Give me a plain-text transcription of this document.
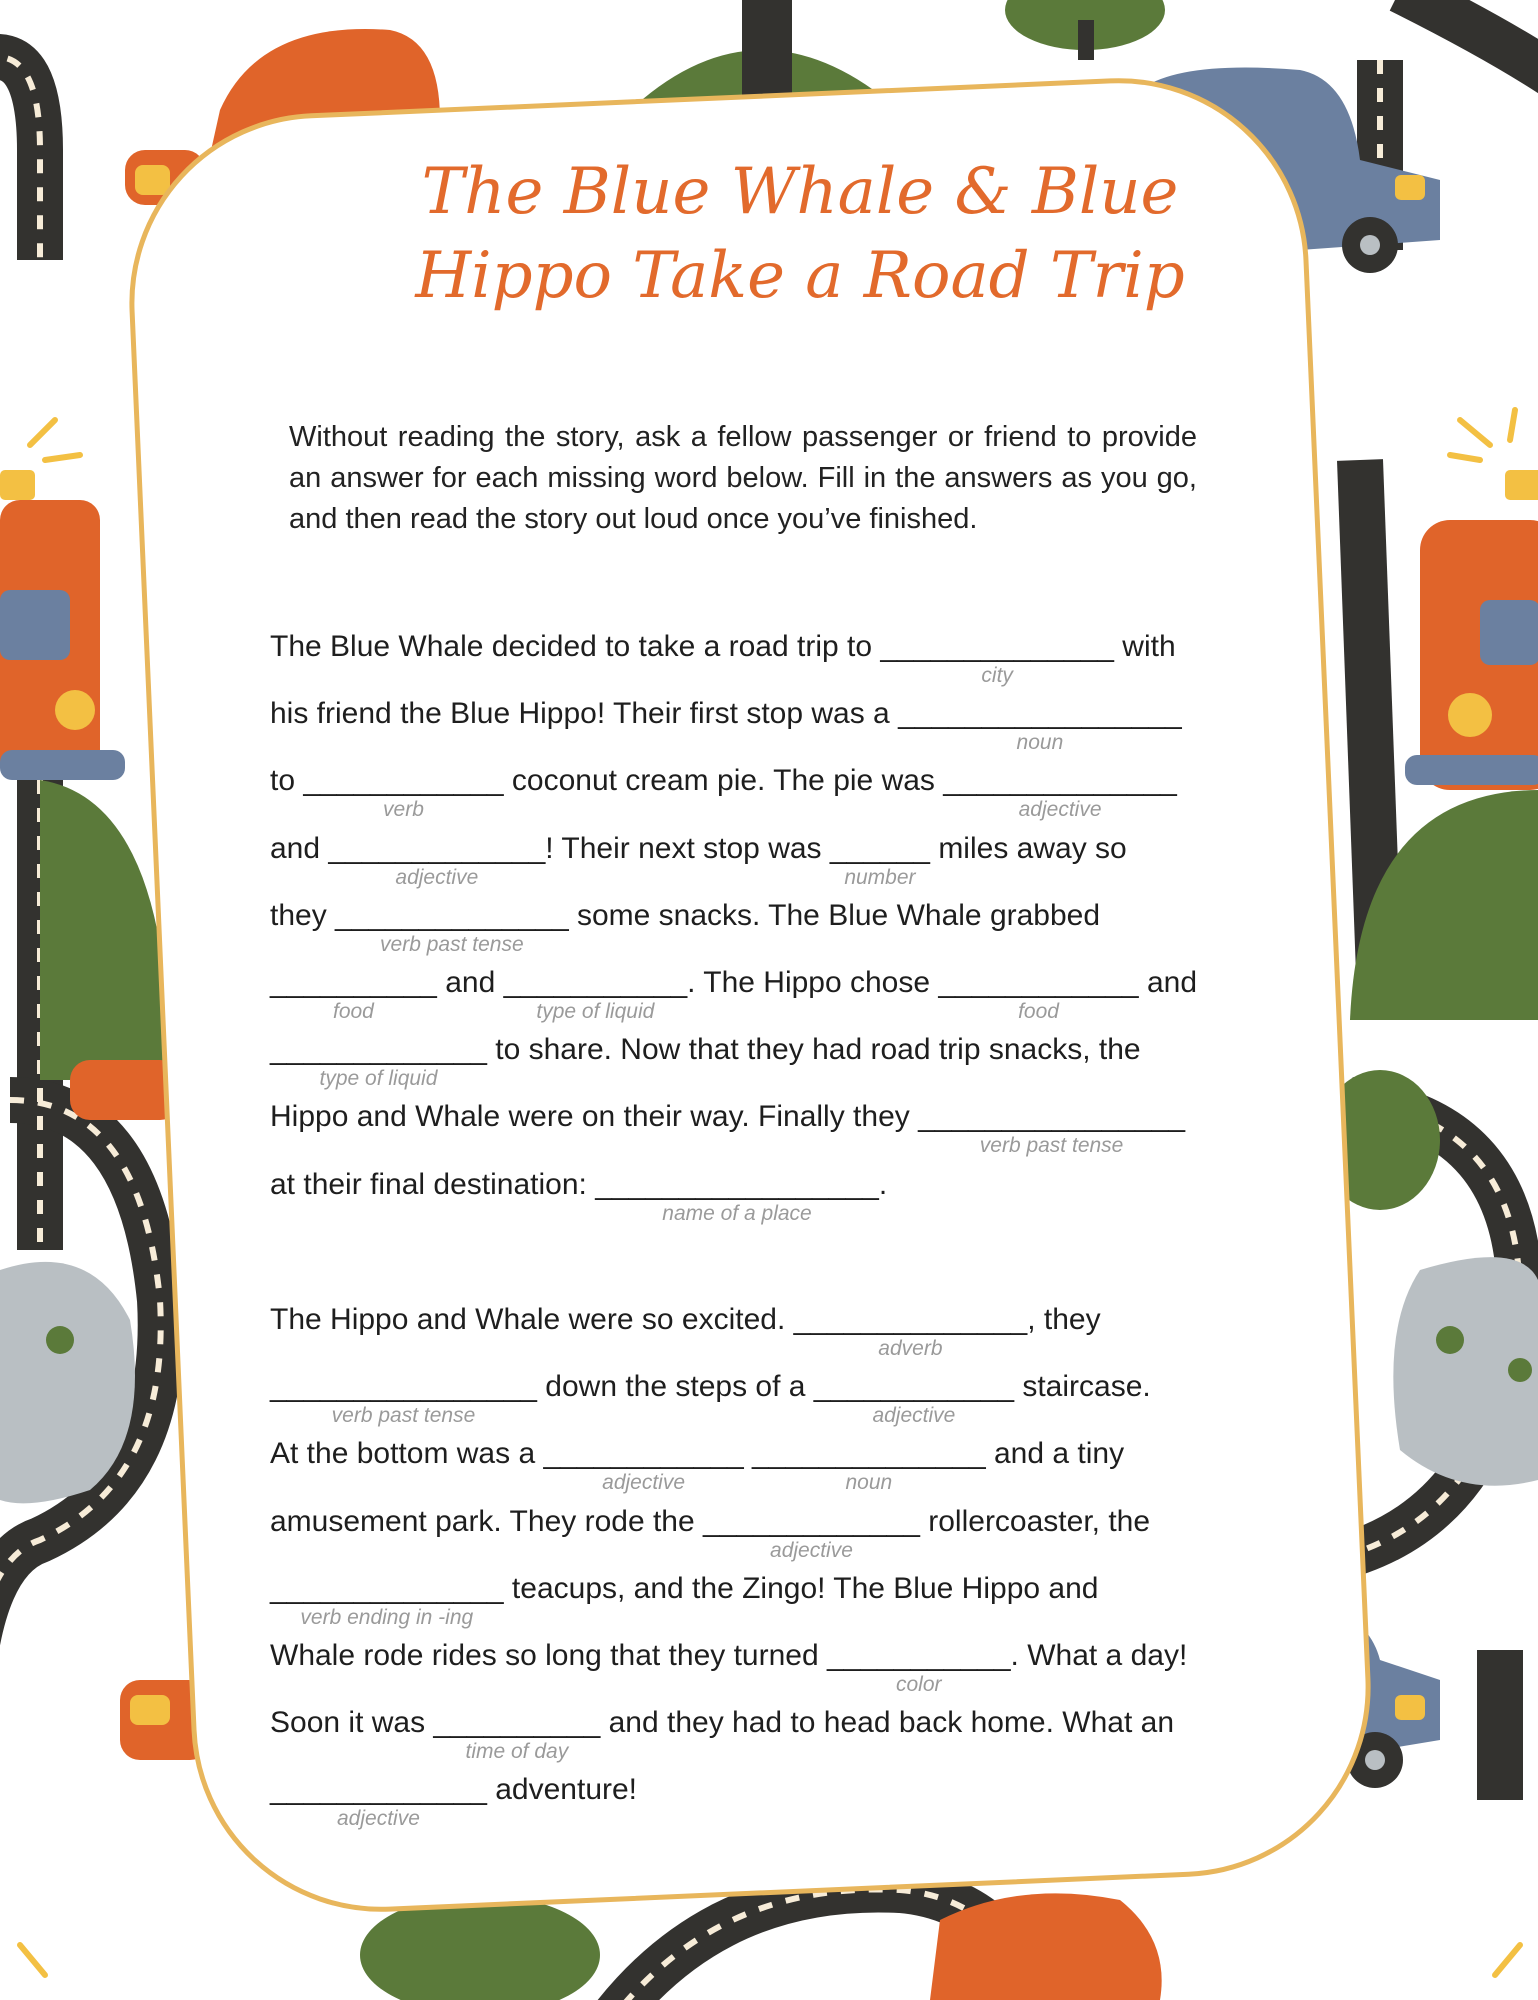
The Blue Whale & Blue
Hippo Take a Road Trip

Without reading the story, ask a fellow passenger or friend to provide an answer for each missing word below. Fill in the answers as you go, and then read the story out loud once you’ve finished.

The Blue Whale decided to take a road trip to ______________
city
with
his friend the Blue Hippo! Their first stop was a _________________
noun
to ____________
verb
coconut cream pie. The pie was ______________
adjective
and _____________
adjective
! Their next stop was ______
number
miles away so
they ______________
verb past tense
some snacks. The Blue Whale grabbed
__________
food
and ___________
type of liquid
. The Hippo chose ____________
food
and
_____________
type of liquid
to share. Now that they had road trip snacks, the
Hippo and Whale were on their way. Finally they ________________
verb past tense
at their final destination: _________________
name of a place
.
The Hippo and Whale were so excited. ______________
adverb
, they
________________
verb past tense
down the steps of a ____________
adjective
staircase.
At the bottom was a ____________
adjective
______________
noun
and a tiny
amusement park. They rode the _____________
adjective
rollercoaster, the
______________
verb ending in -ing
teacups, and the Zingo! The Blue Hippo and
Whale rode rides so long that they turned ___________
color
. What a day!
Soon it was __________
time of day
and they had to head back home. What an
_____________
adjective
adventure!
